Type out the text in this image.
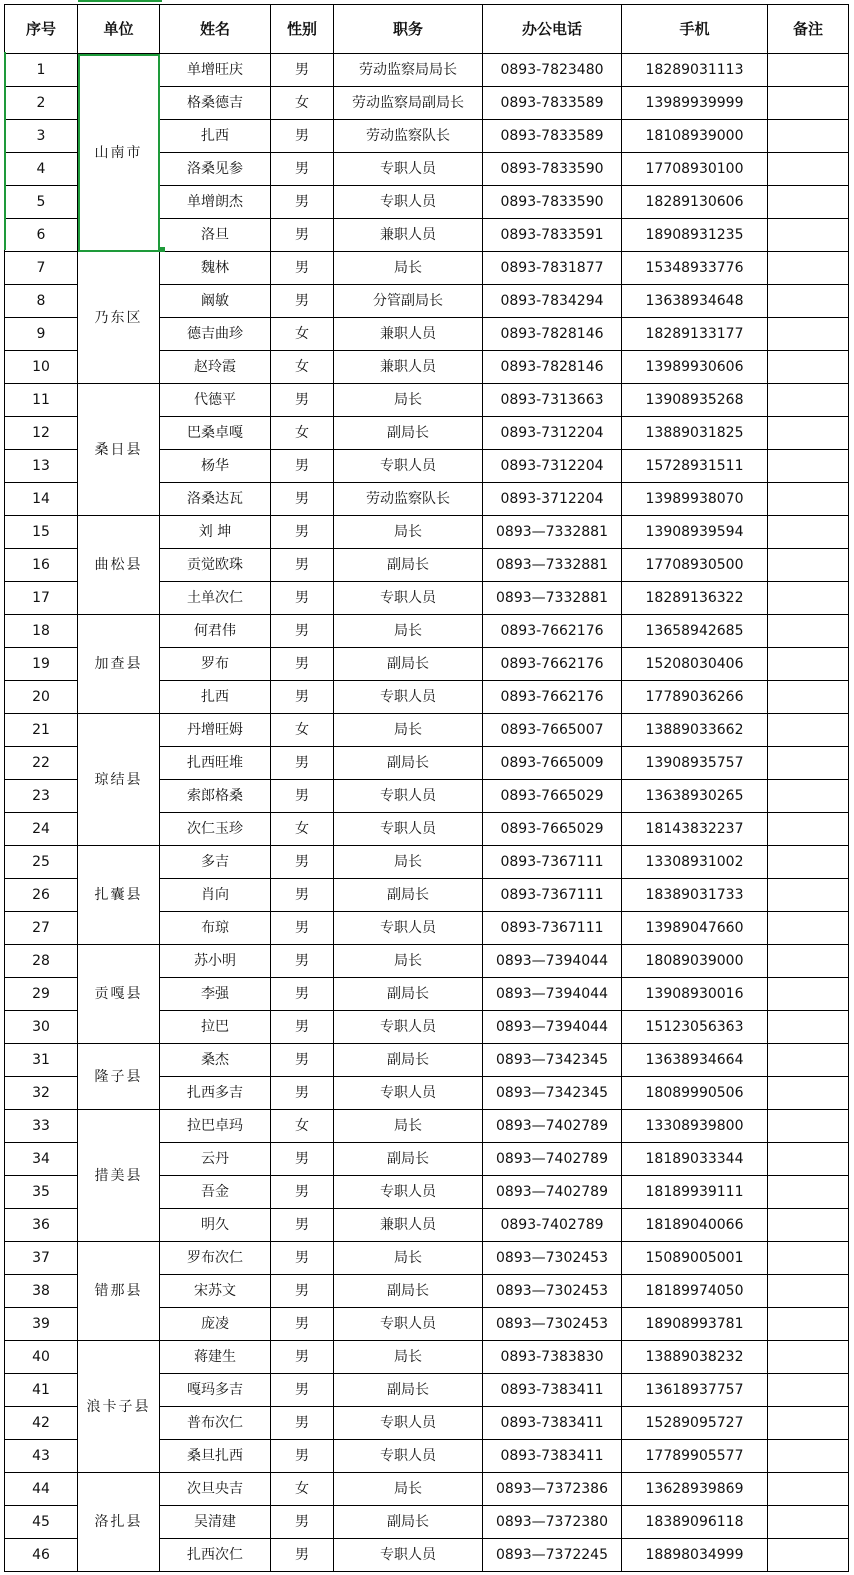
序号	单位	姓名	性别	职务	办公电话	手机	备注
1	山南市	单增旺庆	男	劳动监察局局长	0893-7823480	18289031113	
2		格桑德吉	女	劳动监察局副局长	0893-7833589	13989939999	
3		扎西	男	劳动监察队长	0893-7833589	18108939000	
4		洛桑见参	男	专职人员	0893-7833590	17708930100	
5		单增朗杰	男	专职人员	0893-7833590	18289130606	
6		洛旦	男	兼职人员	0893-7833591	18908931235	
7	乃东区	魏林	男	局长	0893-7831877	15348933776	
8		阚敏	男	分管副局长	0893-7834294	13638934648	
9		德吉曲珍	女	兼职人员	0893-7828146	18289133177	
10		赵玲霞	女	兼职人员	0893-7828146	13989930606	
11	桑日县	代德平	男	局长	0893-7313663	13908935268	
12		巴桑卓嘎	女	副局长	0893-7312204	13889031825	
13		杨华	男	专职人员	0893-7312204	15728931511	
14		洛桑达瓦	男	劳动监察队长	0893-3712204	13989938070	
15	曲松县	刘 坤	男	局长	0893—7332881	13908939594	
16		贡觉欧珠	男	副局长	0893—7332881	17708930500	
17		土单次仁	男	专职人员	0893—7332881	18289136322	
18	加查县	何君伟	男	局长	0893-7662176	13658942685	
19		罗布	男	副局长	0893-7662176	15208030406	
20		扎西	男	专职人员	0893-7662176	17789036266	
21	琼结县	丹增旺姆	女	局长	0893-7665007	13889033662	
22		扎西旺堆	男	副局长	0893-7665009	13908935757	
23		索郎格桑	男	专职人员	0893-7665029	13638930265	
24		次仁玉珍	女	专职人员	0893-7665029	18143832237	
25	扎囊县	多吉	男	局长	0893-7367111	13308931002	
26		肖向	男	副局长	0893-7367111	18389031733	
27		布琼	男	专职人员	0893-7367111	13989047660	
28	贡嘎县	苏小明	男	局长	0893—7394044	18089039000	
29		李强	男	副局长	0893—7394044	13908930016	
30		拉巴	男	专职人员	0893—7394044	15123056363	
31	隆子县	桑杰	男	副局长	0893—7342345	13638934664	
32		扎西多吉	男	专职人员	0893—7342345	18089990506	
33	措美县	拉巴卓玛	女	局长	0893—7402789	13308939800	
34		云丹	男	副局长	0893—7402789	18189033344	
35		吾金	男	专职人员	0893—7402789	18189939111	
36		明久	男	兼职人员	0893-7402789	18189040066	
37	错那县	罗布次仁	男	局长	0893—7302453	15089005001	
38		宋苏文	男	副局长	0893—7302453	18189974050	
39		庞凌	男	专职人员	0893—7302453	18908993781	
40	浪卡子县	蒋建生	男	局长	0893-7383830	13889038232	
41		嘎玛多吉	男	副局长	0893-7383411	13618937757	
42		普布次仁	男	专职人员	0893-7383411	15289095727	
43		桑旦扎西	男	专职人员	0893-7383411	17789905577	
44	洛扎县	次旦央吉	女	局长	0893—7372386	13628939869	
45		吴清建	男	副局长	0893—7372380	18389096118	
46		扎西次仁	男	专职人员	0893—7372245	18898034999	
